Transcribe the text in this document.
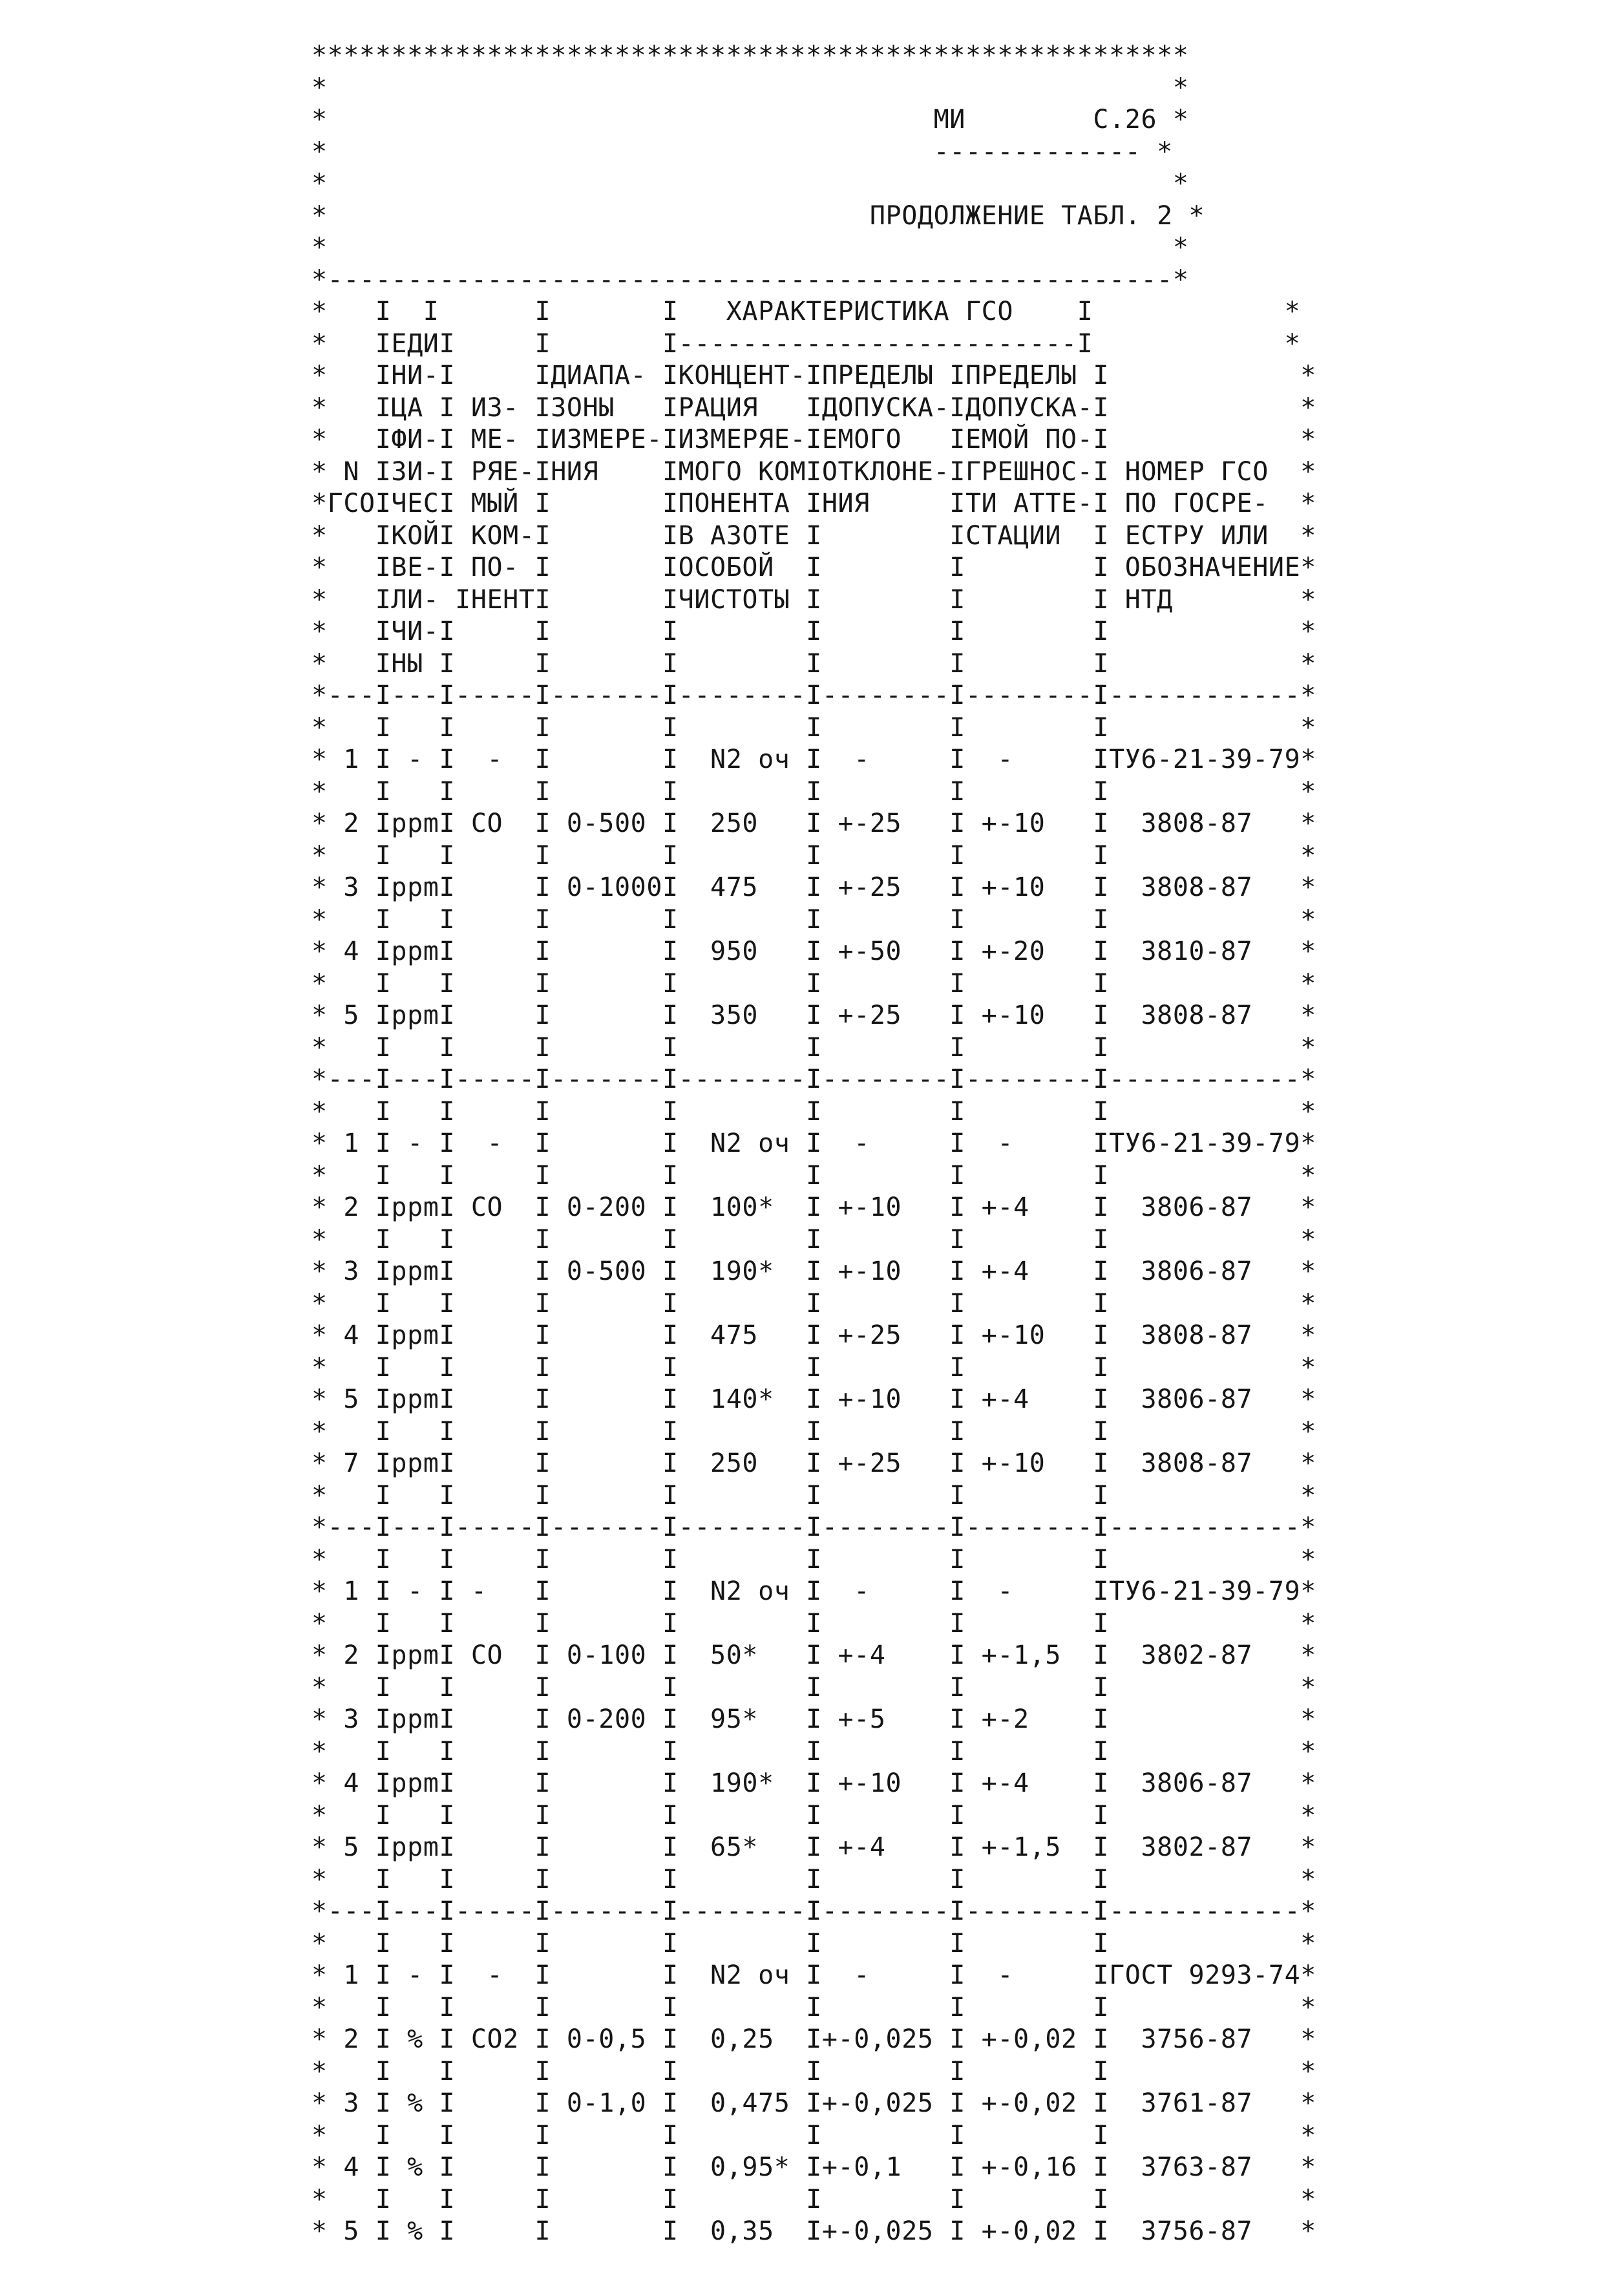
*******************************************************
*                                                     *
*                                      МИ        С.26 *
*                                      ------------- *
*                                                     *
*                                  ПРОДОЛЖЕНИЕ ТАБЛ. 2 *
*                                                     *
*-----------------------------------------------------*
*   I  I      I       I   ХАРАКТЕРИСТИКА ГСО    I            *
*   IЕДИI     I       I-------------------------I            *
*   IНИ-I     IДИАПА- IКОНЦЕНТ-IПРЕДЕЛЫ IПРЕДЕЛЫ I            *
*   IЦА I ИЗ- IЗОНЫ   IРАЦИЯ   IДОПУСКА-IДОПУСКА-I            *
*   IФИ-I МЕ- IИЗМЕРЕ-IИЗМЕРЯЕ-IЕМОГО   IЕМОЙ ПО-I            *
* N IЗИ-I РЯЕ-IНИЯ    IМОГО КОМIОТКЛОНЕ-IГРЕШНОС-I НОМЕР ГСО  *
*ГСОIЧЕСI МЫЙ I       IПОНЕНТА IНИЯ     IТИ АТТЕ-I ПО ГОСРЕ-  *
*   IКОЙI КОМ-I       IВ АЗОТЕ I        IСТАЦИИ  I ЕСТРУ ИЛИ  *
*   IВЕ-I ПО- I       IОСОБОЙ  I        I        I ОБОЗНАЧЕНИЕ*
*   IЛИ- IНЕНТI       IЧИСТОТЫ I        I        I НТД        *
*   IЧИ-I     I       I        I        I        I            *
*   IНЫ I     I       I        I        I        I            *
*---I---I-----I-------I--------I--------I--------I------------*
*   I   I     I       I        I        I        I            *
* 1 I - I  -  I       I  N2 оч I  -     I  -     IТУ6-21-39-79*
*   I   I     I       I        I        I        I            *
* 2 IppmI CO  I 0-500 I  250   I +-25   I +-10   I  3808-87   *
*   I   I     I       I        I        I        I            *
* 3 IppmI     I 0-1000I  475   I +-25   I +-10   I  3808-87   *
*   I   I     I       I        I        I        I            *
* 4 IppmI     I       I  950   I +-50   I +-20   I  3810-87   *
*   I   I     I       I        I        I        I            *
* 5 IppmI     I       I  350   I +-25   I +-10   I  3808-87   *
*   I   I     I       I        I        I        I            *
*---I---I-----I-------I--------I--------I--------I------------*
*   I   I     I       I        I        I        I            *
* 1 I - I  -  I       I  N2 оч I  -     I  -     IТУ6-21-39-79*
*   I   I     I       I        I        I        I            *
* 2 IppmI CO  I 0-200 I  100*  I +-10   I +-4    I  3806-87   *
*   I   I     I       I        I        I        I            *
* 3 IppmI     I 0-500 I  190*  I +-10   I +-4    I  3806-87   *
*   I   I     I       I        I        I        I            *
* 4 IppmI     I       I  475   I +-25   I +-10   I  3808-87   *
*   I   I     I       I        I        I        I            *
* 5 IppmI     I       I  140*  I +-10   I +-4    I  3806-87   *
*   I   I     I       I        I        I        I            *
* 7 IppmI     I       I  250   I +-25   I +-10   I  3808-87   *
*   I   I     I       I        I        I        I            *
*---I---I-----I-------I--------I--------I--------I------------*
*   I   I     I       I        I        I        I            *
* 1 I - I -   I       I  N2 оч I  -     I  -     IТУ6-21-39-79*
*   I   I     I       I        I        I        I            *
* 2 IppmI CO  I 0-100 I  50*   I +-4    I +-1,5  I  3802-87   *
*   I   I     I       I        I        I        I            *
* 3 IppmI     I 0-200 I  95*   I +-5    I +-2    I            *
*   I   I     I       I        I        I        I            *
* 4 IppmI     I       I  190*  I +-10   I +-4    I  3806-87   *
*   I   I     I       I        I        I        I            *
* 5 IppmI     I       I  65*   I +-4    I +-1,5  I  3802-87   *
*   I   I     I       I        I        I        I            *
*---I---I-----I-------I--------I--------I--------I------------*
*   I   I     I       I        I        I        I            *
* 1 I - I  -  I       I  N2 оч I  -     I  -     IГОСТ 9293-74*
*   I   I     I       I        I        I        I            *
* 2 I % I CO2 I 0-0,5 I  0,25  I+-0,025 I +-0,02 I  3756-87   *
*   I   I     I       I        I        I        I            *
* 3 I % I     I 0-1,0 I  0,475 I+-0,025 I +-0,02 I  3761-87   *
*   I   I     I       I        I        I        I            *
* 4 I % I     I       I  0,95* I+-0,1   I +-0,16 I  3763-87   *
*   I   I     I       I        I        I        I            *
* 5 I % I     I       I  0,35  I+-0,025 I +-0,02 I  3756-87   *
